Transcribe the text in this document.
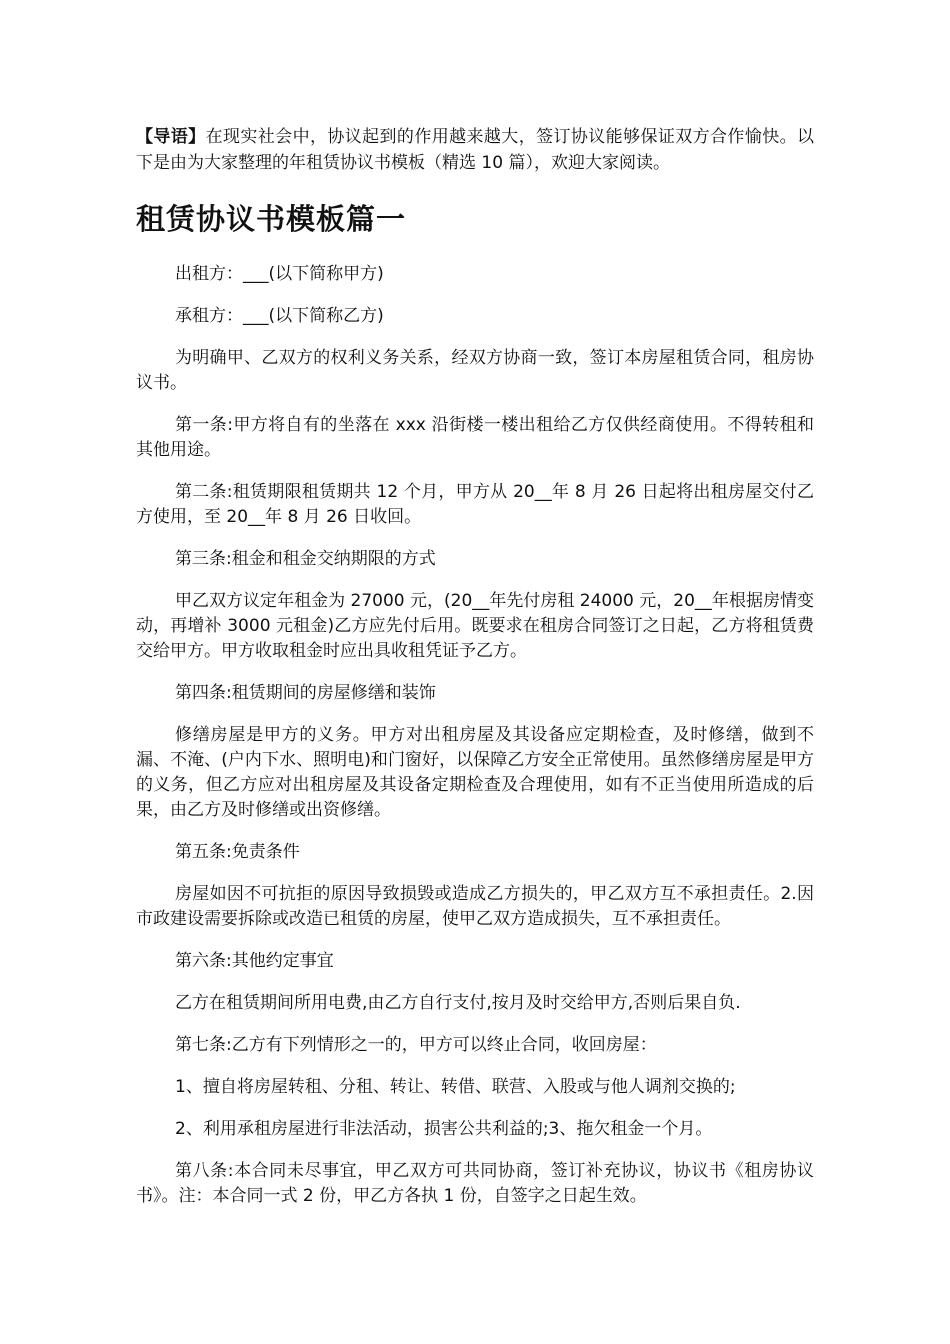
【导语】在现实社会中，协议起到的作用越来越大，签订协议能够保证双方合作愉快。以下是由为大家整理的年租赁协议书模板（精选 10 篇），欢迎大家阅读。

租赁协议书模板篇一

出租方：___(以下简称甲方)

承租方：___(以下简称乙方)

为明确甲、乙双方的权利义务关系，经双方协商一致，签订本房屋租赁合同，租房协议书。

第一条:甲方将自有的坐落在 xxx 沿街楼一楼出租给乙方仅供经商使用。不得转租和其他用途。

第二条:租赁期限租赁期共 12 个月，甲方从 20__年 8 月 26 日起将出租房屋交付乙方使用，至 20__年 8 月 26 日收回。

第三条:租金和租金交纳期限的方式

甲乙双方议定年租金为 27000 元，(20__年先付房租 24000 元，20__年根据房情变动，再增补 3000 元租金)乙方应先付后用。既要求在租房合同签订之日起，乙方将租赁费交给甲方。甲方收取租金时应出具收租凭证予乙方。

第四条:租赁期间的房屋修缮和装饰

修缮房屋是甲方的义务。甲方对出租房屋及其设备应定期检查，及时修缮，做到不漏、不淹、(户内下水、照明电)和门窗好，以保障乙方安全正常使用。虽然修缮房屋是甲方的义务，但乙方应对出租房屋及其设备定期检查及合理使用，如有不正当使用所造成的后果，由乙方及时修缮或出资修缮。

第五条:免责条件

房屋如因不可抗拒的原因导致损毁或造成乙方损失的，甲乙双方互不承担责任。2.因市政建设需要拆除或改造已租赁的房屋，使甲乙双方造成损失，互不承担责任。

第六条:其他约定事宜

乙方在租赁期间所用电费,由乙方自行支付,按月及时交给甲方,否则后果自负.

第七条:乙方有下列情形之一的，甲方可以终止合同，收回房屋：

1、擅自将房屋转租、分租、转让、转借、联营、入股或与他人调剂交换的;

2、利用承租房屋进行非法活动，损害公共利益的;3、拖欠租金一个月。

第八条:本合同未尽事宜，甲乙双方可共同协商，签订补充协议，协议书《租房协议书》。注：本合同一式 2 份，甲乙方各执 1 份，自签字之日起生效。
